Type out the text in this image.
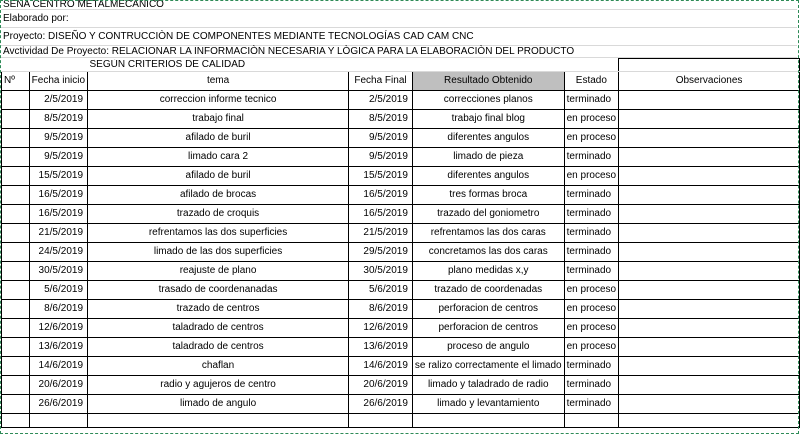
SENA CENTRO METALMECÁNICO
Elaborado por:
Proyecto: DISEÑO Y CONTRUCCIÒN DE COMPONENTES MEDIANTE TECNOLOGÍAS CAD CAM CNC
Avctividad De Proyecto: RELACIONAR LA INFORMACIÒN NECESARIA Y LÒGICA PARA LA ELABORACIÒN DEL PRODUCTO
		SEGÙN CRITERIOS DE CALIDAD				
Nº	Fecha inicio	tema	Fecha Final	Resultado Obtenido	Estado	Observaciones
	2/5/2019	correccion informe tecnico	2/5/2019	correcciones planos	terminado	
	8/5/2019	trabajo final	8/5/2019	trabajo final blog	en proceso	
	9/5/2019	afilado de buril	9/5/2019	diferentes angulos	en proceso	
	9/5/2019	limado cara 2	9/5/2019	limado de pieza	terminado	
	15/5/2019	afilado de buril	15/5/2019	diferentes angulos	en proceso	
	16/5/2019	afilado de brocas	16/5/2019	tres formas broca	terminado	
	16/5/2019	trazado de croquis	16/5/2019	trazado del goniometro	terminado	
	21/5/2019	refrentamos las dos superficies	21/5/2019	refrentamos las dos caras	terminado	
	24/5/2019	limado de las dos superficies	29/5/2019	concretamos las dos caras	terminado	
	30/5/2019	reajuste de plano	30/5/2019	plano medidas x,y	terminado	
	5/6/2019	trasado de coordenanadas	5/6/2019	trazado de coordenadas	en proceso	
	8/6/2019	trazado de centros	8/6/2019	perforacion de centros	en proceso	
	12/6/2019	taladrado de centros	12/6/2019	perforacion de centros	en proceso	
	13/6/2019	taladrado de centros	13/6/2019	proceso de angulo	en proceso	
	14/6/2019	chaflan	14/6/2019	se ralizo correctamente el limado	terminado	
	20/6/2019	radio y agujeros de centro	20/6/2019	limado y taladrado de radio	terminado	
	26/6/2019	limado de angulo	26/6/2019	limado y levantamiento	terminado	
